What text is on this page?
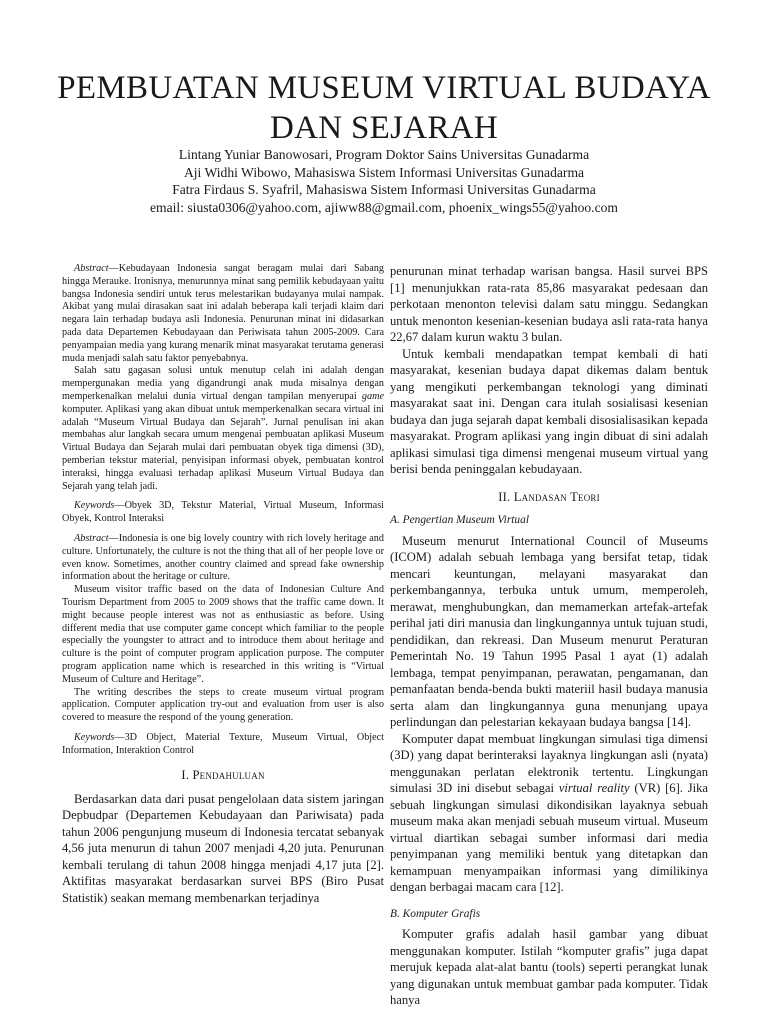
PEMBUATAN MUSEUM VIRTUAL BUDAYA
DAN SEJARAH
Lintang Yuniar Banowosari, Program Doktor Sains Universitas Gunadarma
Aji Widhi Wibowo, Mahasiswa Sistem Informasi Universitas Gunadarma
Fatra Firdaus S. Syafril, Mahasiswa Sistem Informasi Universitas Gunadarma
email: siusta0306@yahoo.com, ajiww88@gmail.com, phoenix_wings55@yahoo.com

Abstract—Kebudayaan Indonesia sangat beragam mulai dari Sabang hingga Merauke. Ironisnya, menurunnya minat sang pemilik kebudayaan yaitu bangsa Indonesia sendiri untuk terus melestarikan budayanya mulai nampak. Akibat yang mulai dirasakan saat ini adalah beberapa kali terjadi klaim dari negara lain terhadap budaya asli Indonesia. Penurunan minat ini didasarkan pada data Departemen Kebudayaan dan Periwisata tahun 2005-2009. Cara penyampaian media yang kurang menarik minat masyarakat terutama generasi muda menjadi salah satu faktor penyebabnya.

Salah satu gagasan solusi untuk menutup celah ini adalah dengan mempergunakan media yang digandrungi anak muda misalnya dengan memperkenalkan melalui dunia virtual dengan tampilan menyerupai game komputer. Aplikasi yang akan dibuat untuk memperkenalkan secara virtual ini adalah “Museum Virtual Budaya dan Sejarah”. Jurnal penulisan ini akan membahas alur langkah secara umum mengenai pembuatan aplikasi Museum Virtual Budaya dan Sejarah mulai dari pembuatan obyek tiga dimensi (3D), pemberian tekstur material, penyisipan informasi obyek, pembuatan kontrol interaksi, hingga evaluasi terhadap aplikasi Museum Virtual Budaya dan Sejarah yang telah jadi.

Keywords—Obyek 3D, Tekstur Material, Virtual Museum, Informasi Obyek, Kontrol Interaksi

Abstract—Indonesia is one big lovely country with rich lovely heritage and culture. Unfortunately, the culture is not the thing that all of her people love or even know. Sometimes, another country claimed and spread fake ownership information about the heritage or culture.

Museum visitor traffic based on the data of Indonesian Culture And Tourism Department from 2005 to 2009 shows that the traffic came down. It might because people interest was not as enthusiastic as before. Using different media that use computer game concept which familiar to the people especially the youngster to attract and to introduce them about heritage and culture is the point of computer program application purpose. The computer program application name which is researched in this writing is “Virtual Museum of Culture and Heritage”.

The writing describes the steps to create museum virtual program application. Computer application try-out and evaluation from user is also covered to measure the respond of the young generation.

Keywords—3D Object, Material Texture, Museum Virtual, Object Information, Interaktion Control

I. Pendahuluan

Berdasarkan data dari pusat pengelolaan data sistem jaringan Depbudpar (Departemen Kebudayaan dan Pariwisata) pada tahun 2006 pengunjung museum di Indonesia tercatat sebanyak 4,56 juta menurun di tahun 2007 menjadi 4,20 juta. Penurunan kembali terulang di tahun 2008 hingga menjadi 4,17 juta [2]. Aktifitas masyarakat berdasarkan survei BPS (Biro Pusat Statistik) seakan memang membenarkan terjadinya

penurunan minat terhadap warisan bangsa. Hasil survei BPS [1] menunjukkan rata-rata 85,86 masyarakat pedesaan dan perkotaan menonton televisi dalam satu minggu. Sedangkan untuk menonton kesenian-kesenian budaya asli rata-rata hanya 22,67 dalam kurun waktu 3 bulan.

Untuk kembali mendapatkan tempat kembali di hati masyarakat, kesenian budaya dapat dikemas dalam bentuk yang mengikuti perkembangan teknologi yang diminati masyarakat saat ini. Dengan cara itulah sosialisasi kesenian budaya dan juga sejarah dapat kembali disosialisasikan kepada masyarakat. Program aplikasi yang ingin dibuat di sini adalah aplikasi simulasi tiga dimensi mengenai museum virtual yang berisi benda peninggalan kebudayaan.

II. Landasan Teori
A. Pengertian Museum Virtual

Museum menurut International Council of Museums (ICOM) adalah sebuah lembaga yang bersifat tetap, tidak mencari keuntungan, melayani masyarakat dan perkembangannya, terbuka untuk umum, memperoleh, merawat, menghubungkan, dan memamerkan artefak-artefak perihal jati diri manusia dan lingkungannya untuk tujuan studi, pendidikan, dan rekreasi. Dan Museum menurut Peraturan Pemerintah No. 19 Tahun 1995 Pasal 1 ayat (1) adalah lembaga, tempat penyimpanan, perawatan, pengamanan, dan pemanfaatan benda-benda bukti materiil hasil budaya manusia serta alam dan lingkungannya guna menunjang upaya perlindungan dan pelestarian kekayaan budaya bangsa [14].

Komputer dapat membuat lingkungan simulasi tiga dimensi (3D) yang dapat berinteraksi layaknya lingkungan asli (nyata) menggunakan perlatan elektronik tertentu. Lingkungan simulasi 3D ini disebut sebagai virtual reality (VR) [6]. Jika sebuah lingkungan simulasi dikondisikan layaknya sebuah museum maka akan menjadi sebuah museum virtual. Museum virtual diartikan sebagai sumber informasi dari media penyimpanan yang memiliki bentuk yang ditetapkan dan kemampuan menyampaikan informasi yang dimilikinya dengan berbagai macam cara [12].

B. Komputer Grafis

Komputer grafis adalah hasil gambar yang dibuat menggunakan komputer. Istilah “komputer grafis” juga dapat merujuk kepada alat-alat bantu (tools) seperti perangkat lunak yang digunakan untuk membuat gambar pada komputer. Tidak hanya
